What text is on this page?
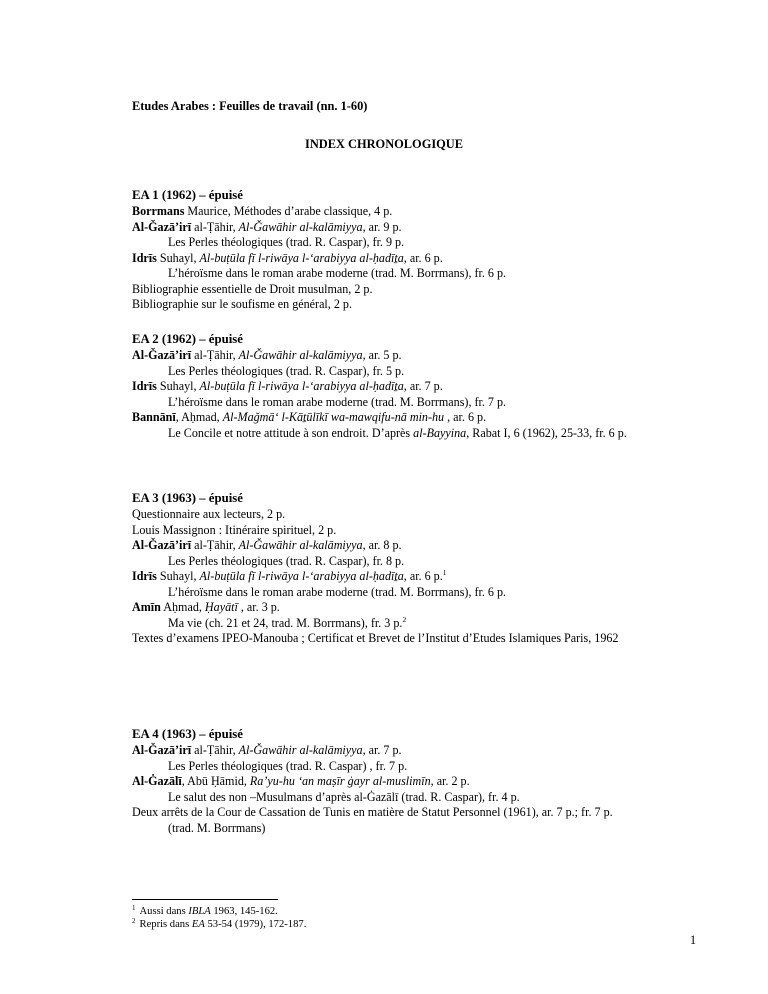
Etudes Arabes : Feuilles de travail (nn. 1-60)
INDEX CHRONOLOGIQUE
EA 1 (1962) – épuisé
Borrmans Maurice, Méthodes d’arabe classique, 4 p.
Al-Ǧazā’irī al-Ṭāhir, Al-Ǧawāhir al-kalāmiyya, ar. 9 p.
Les Perles théologiques (trad. R. Caspar), fr. 9 p.
Idrīs Suhayl, Al-buṭūla fī l-riwāya l-‘arabiyya al-ḥadīṯa, ar. 6 p.
L’héroïsme dans le roman arabe moderne (trad. M. Borrmans), fr. 6 p.
Bibliographie essentielle de Droit musulman, 2 p.
Bibliographie sur le soufisme en général, 2 p.
EA 2 (1962) – épuisé
Al-Ǧazā’irī al-Ṭāhir, Al-Ǧawāhir al-kalāmiyya, ar. 5 p.
Les Perles théologiques (trad. R. Caspar), fr. 5 p.
Idrīs Suhayl, Al-buṭūla fī l-riwāya l-‘arabiyya al-ḥadīṯa, ar. 7 p.
L’héroïsme dans le roman arabe moderne (trad. M. Borrmans), fr. 7 p.
Bannānī, Aḥmad, Al-Maǧmā‘ l-Kāṯūlīkī wa-mawqifu-nā min-hu , ar. 6 p.
Le Concile et notre attitude à son endroit. D’après al-Bayyina, Rabat I, 6 (1962), 25-33, fr. 6 p.
EA 3 (1963) – épuisé
Questionnaire aux lecteurs, 2 p.
Louis Massignon : Itinéraire spirituel, 2 p.
Al-Ǧazā’irī al-Ṭāhir, Al-Ǧawāhir al-kalāmiyya, ar. 8 p.
Les Perles théologiques (trad. R. Caspar), fr. 8 p.
Idrīs Suhayl, Al-buṭūla fī l-riwāya l-‘arabiyya al-ḥadīṯa, ar. 6 p.$^1$
L’héroïsme dans le roman arabe moderne (trad. M. Borrmans), fr. 6 p.
Amīn Aḥmad, Ḥayātī , ar. 3 p.
Ma vie (ch. 21 et 24, trad. M. Borrmans), fr. 3 p.$^2$
Textes d’examens IPEO-Manouba ; Certificat et Brevet de l’Institut d’Etudes Islamiques Paris, 1962
EA 4 (1963) – épuisé
Al-Ǧazā’irī al-Ṭāhir, Al-Ǧawāhir al-kalāmiyya, ar. 7 p.
Les Perles théologiques (trad. R. Caspar) , fr. 7 p.
Al-Ġazālī, Abū Ḥāmid, Ra’yu-hu ‘an maṣīr ġayr al-muslimīn, ar. 2 p.
Le salut des non –Musulmans d’après al-Ġazālī (trad. R. Caspar), fr. 4 p.
Deux arrêts de la Cour de Cassation de Tunis en matière de Statut Personnel (1961), ar. 7 p.; fr. 7 p.
(trad. M. Borrmans)
$^1$ Aussi dans IBLA 1963, 145-162.
$^2$ Repris dans EA 53-54 (1979), 172-187.
1
